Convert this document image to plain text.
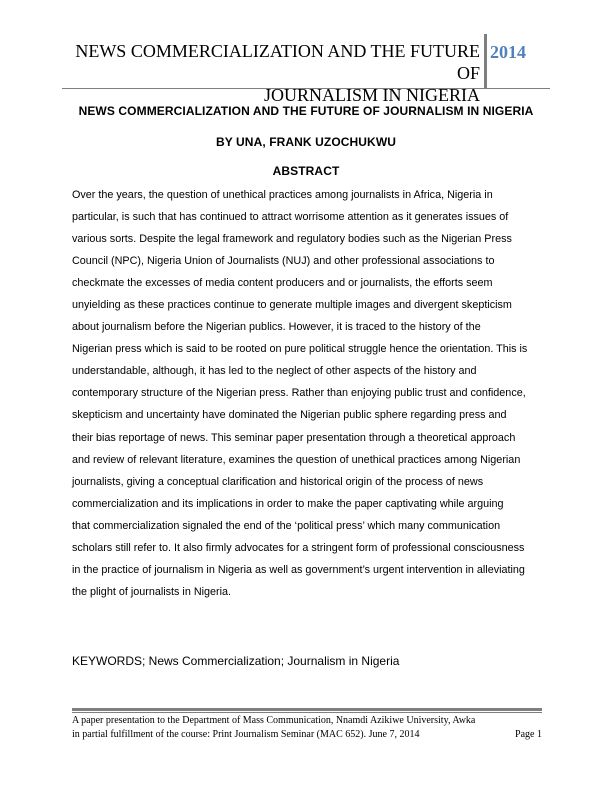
NEWS COMMERCIALIZATION AND THE FUTURE OF
JOURNALISM IN NIGERIA
2014
NEWS COMMERCIALIZATION AND THE FUTURE OF JOURNALISM IN NIGERIA
BY UNA, FRANK UZOCHUKWU
ABSTRACT
Over the years, the question of unethical practices among journalists in Africa, Nigeria in
particular, is such that has continued to attract worrisome attention as it generates issues of
various sorts. Despite the legal framework and regulatory bodies such as the Nigerian Press
Council (NPC), Nigeria Union of Journalists (NUJ) and other professional associations to
checkmate the excesses of media content producers and or journalists, the efforts seem
unyielding as these practices continue to generate multiple images and divergent skepticism
about journalism before the Nigerian publics. However, it is traced to the history of the
Nigerian press which is said to be rooted on pure political struggle hence the orientation. This is
understandable, although, it has led to the neglect of other aspects of the history and
contemporary structure of the Nigerian press. Rather than enjoying public trust and confidence,
skepticism and uncertainty have dominated the Nigerian public sphere regarding press and
their bias reportage of news. This seminar paper presentation through a theoretical approach
and review of relevant literature, examines the question of unethical practices among Nigerian
journalists, giving a conceptual clarification and historical origin of the process of news
commercialization and its implications in order to make the paper captivating while arguing
that commercialization signaled the end of the ‘political press’ which many communication
scholars still refer to. It also firmly advocates for a stringent form of professional consciousness
in the practice of journalism in Nigeria as well as government’s urgent intervention in alleviating
the plight of journalists in Nigeria.
KEYWORDS; News Commercialization; Journalism in Nigeria
A paper presentation to the Department of Mass Communication, Nnamdi Azikiwe University, Awka
in partial fulfillment of the course: Print Journalism Seminar (MAC 652). June 7, 2014	Page 1
